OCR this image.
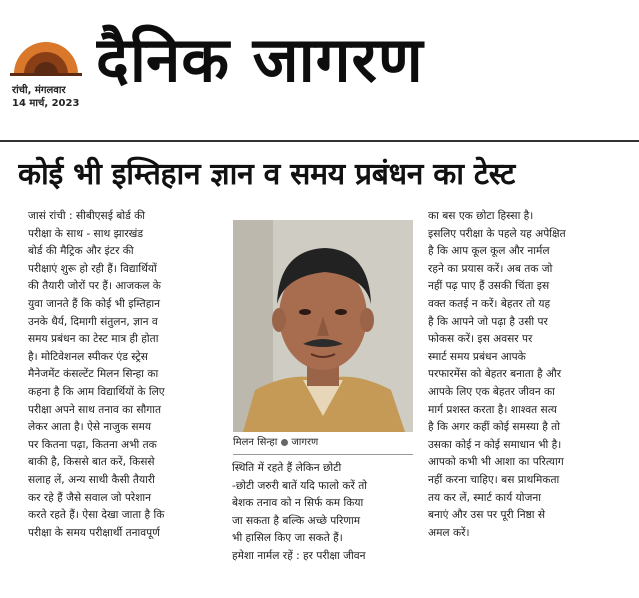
दैनिक जागरण
रांची, मंगलवार
14 मार्च, 2023
कोई भी इम्तिहान ज्ञान व समय प्रबंधन का टेस्ट
जासं रांची : सीबीएसई बोर्ड की
परीक्षा के साथ - साथ झारखंड
बोर्ड की मैट्रिक और इंटर की
परीक्षाएं शुरू हो रही हैं। विद्यार्थियों
की तैयारी जोरों पर हैं। आजकल के
युवा जानते हैं कि कोई भी इम्तिहान
उनके धैर्य, दिमागी संतुलन, ज्ञान व
समय प्रबंधन का टेस्ट मात्र ही होता
है। मोटिवेशनल स्पीकर एंड स्ट्रेस
मैनेजमेंट कंसल्टेंट मिलन सिन्हा का
कहना है कि आम विद्यार्थियों के लिए
परीक्षा अपने साथ तनाव का सौगात
लेकर आता है। ऐसे नाजुक समय
पर कितना पढ़ा, कितना अभी तक
बाकी है, किससे बात करें, किससे
सलाह लें, अन्य साथी कैसी तैयारी
कर रहे हैं जैसे सवाल जो परेशान
करते रहते हैं। ऐसा देखा जाता है कि
परीक्षा के समय परीक्षार्थी तनावपूर्ण
मिलन सिन्हा जागरण
स्थिति में रहते हैं लेकिन छोटी
-छोटी जरुरी बातें यदि फालो करें तो
बेशक तनाव को न सिर्फ कम किया
जा सकता है बल्कि अच्छे परिणाम
भी हासिल किए जा सकते हैं।
हमेशा नार्मल रहें : हर परीक्षा जीवन
का बस एक छोटा हिस्सा है।
इसलिए परीक्षा के पहले यह अपेक्षित
है कि आप कूल कूल और नार्मल
रहने का प्रयास करें। अब तक जो
नहीं पढ़ पाए हैं उसकी चिंता इस
वक्त कतई न करें। बेहतर तो यह
है कि आपने जो पढ़ा है उसी पर
फोकस करें। इस अवसर पर
स्मार्ट समय प्रबंधन आपके
परफारमेंस को बेहतर बनाता है और
आपके लिए एक बेहतर जीवन का
मार्ग प्रशस्त करता है। शाश्वत सत्य
है कि अगर कहीं कोई समस्या है तो
उसका कोई न कोई समाधान भी है।
आपको कभी भी आशा का परित्याग
नहीं करना चाहिए। बस प्राथमिकता
तय कर लें, स्मार्ट कार्य योजना
बनाएं और उस पर पूरी निष्ठा से
अमल करें।
